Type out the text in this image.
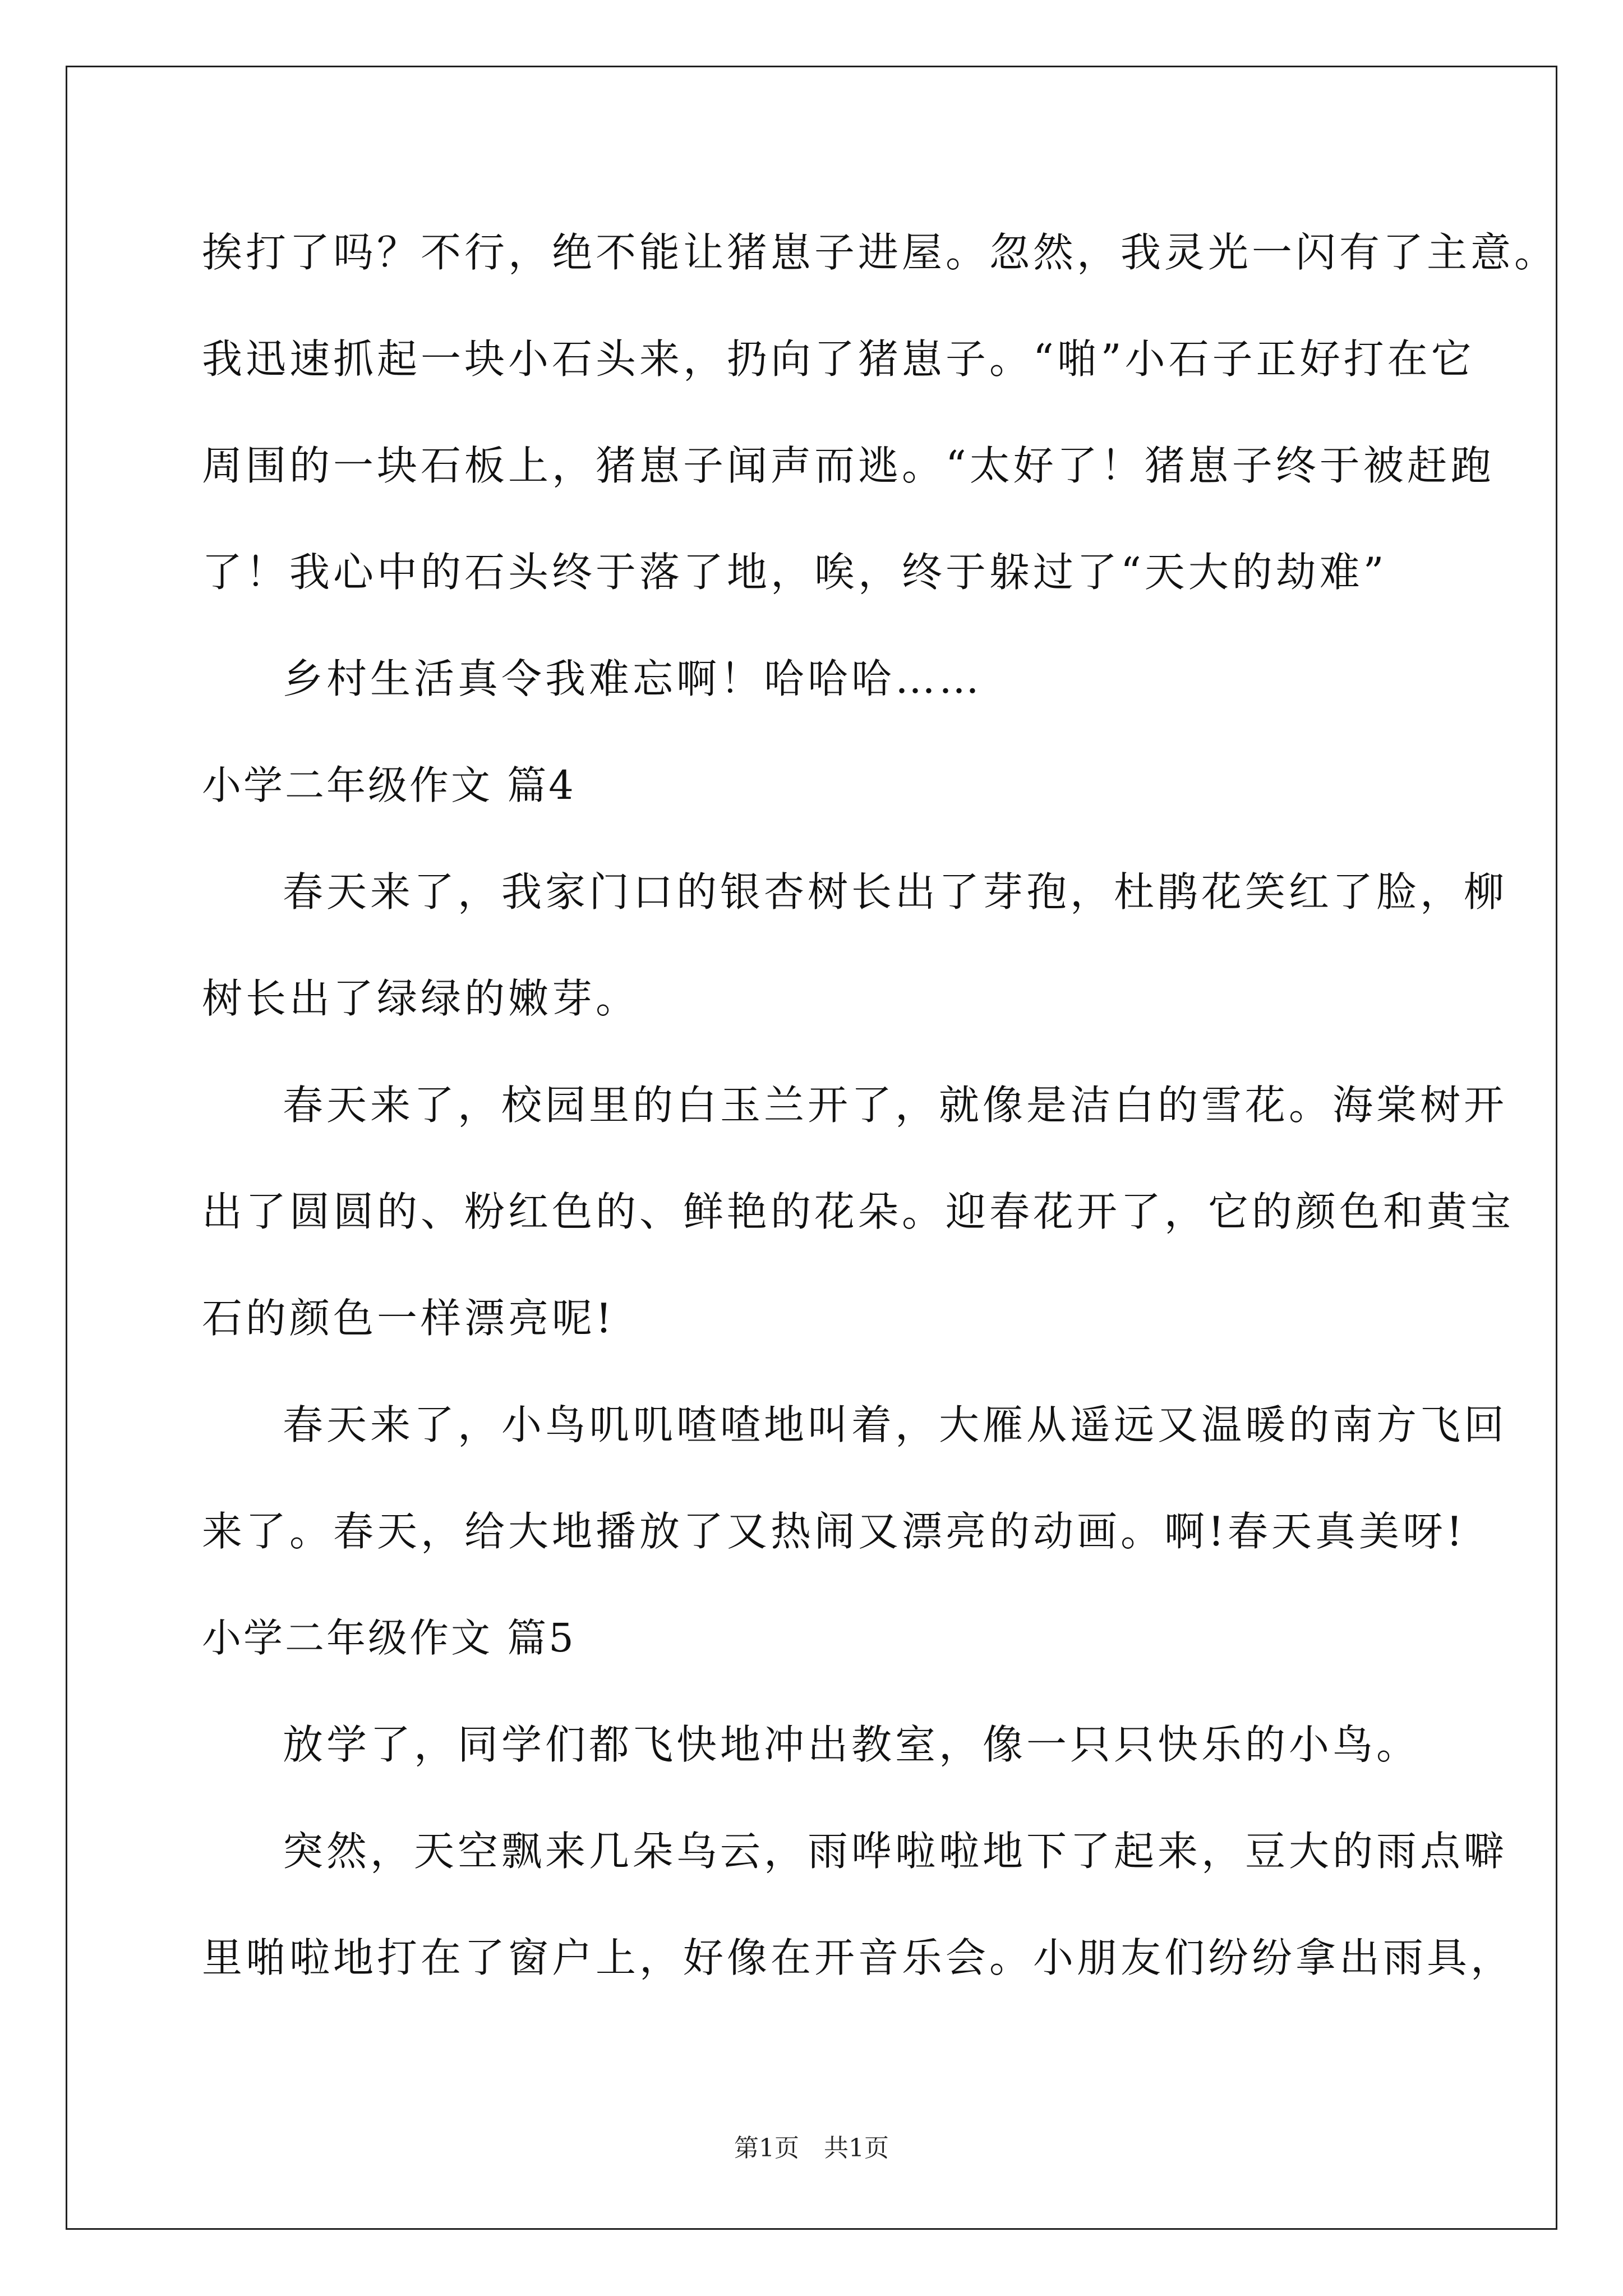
挨打了吗？不行，绝不能让猪崽子进屋。忽然，我灵光一闪有了主意。
我迅速抓起一块小石头来，扔向了猪崽子。“啪”小石子正好打在它
周围的一块石板上，猪崽子闻声而逃。“太好了！猪崽子终于被赶跑
了！我心中的石头终于落了地，唉，终于躲过了“天大的劫难”
乡村生活真令我难忘啊！哈哈哈……
小学二年级作文 篇4
春天来了，我家门口的银杏树长出了芽孢，杜鹃花笑红了脸，柳
树长出了绿绿的嫩芽。
春天来了，校园里的白玉兰开了，就像是洁白的雪花。海棠树开
出了圆圆的、粉红色的、鲜艳的花朵。迎春花开了，它的颜色和黄宝
石的颜色一样漂亮呢!
春天来了，小鸟叽叽喳喳地叫着，大雁从遥远又温暖的南方飞回
来了。春天，给大地播放了又热闹又漂亮的动画。啊!春天真美呀!
小学二年级作文 篇5
放学了，同学们都飞快地冲出教室，像一只只快乐的小鸟。
突然，天空飘来几朵乌云，雨哗啦啦地下了起来，豆大的雨点噼
里啪啦地打在了窗户上，好像在开音乐会。小朋友们纷纷拿出雨具，
第1页　共1页
